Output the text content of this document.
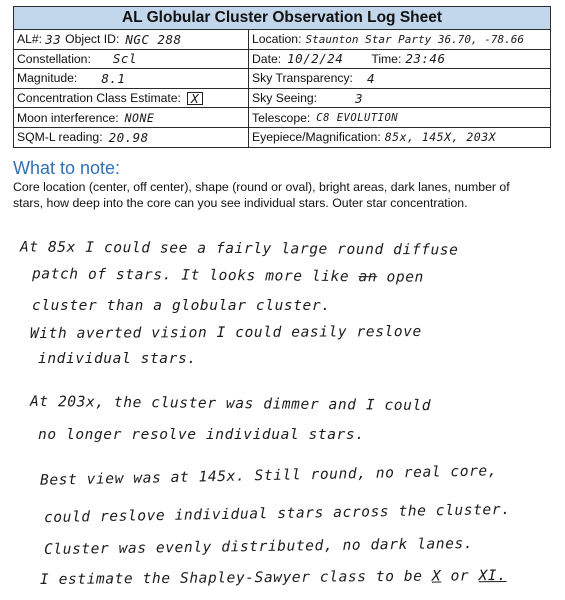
AL Globular Cluster Observation Log Sheet
AL#: 33 Object ID: NGC 288	Location: Staunton Star Party 36.70, -78.66
Constellation: Scl	Date: 10/2/24 Time: 23:46
Magnitude: 8.1	Sky Transparency: 4
Concentration Class Estimate: X	Sky Seeing:	3
Moon interference: NONE	Telescope: C8 EVOLUTION
SQM-L reading: 20.98	Eyepiece/Magnification: 85x, 145X, 203X
What to note:
Core location (center, off center), shape (round or oval), bright areas, dark lanes, number of stars, how deep into the core can you see individual stars. Outer star concentration.
At 85x I could see a fairly large round diffuse
patch of stars. It looks more like an open
cluster than a globular cluster.
With averted vision I could easily reslove
individual stars.
At 203x, the cluster was dimmer and I could
no longer resolve individual stars.
Best view was at 145x. Still round, no real core,
could reslove individual stars across the cluster.
Cluster was evenly distributed, no dark lanes.
I estimate the Shapley-Sawyer class to be X or XI.
